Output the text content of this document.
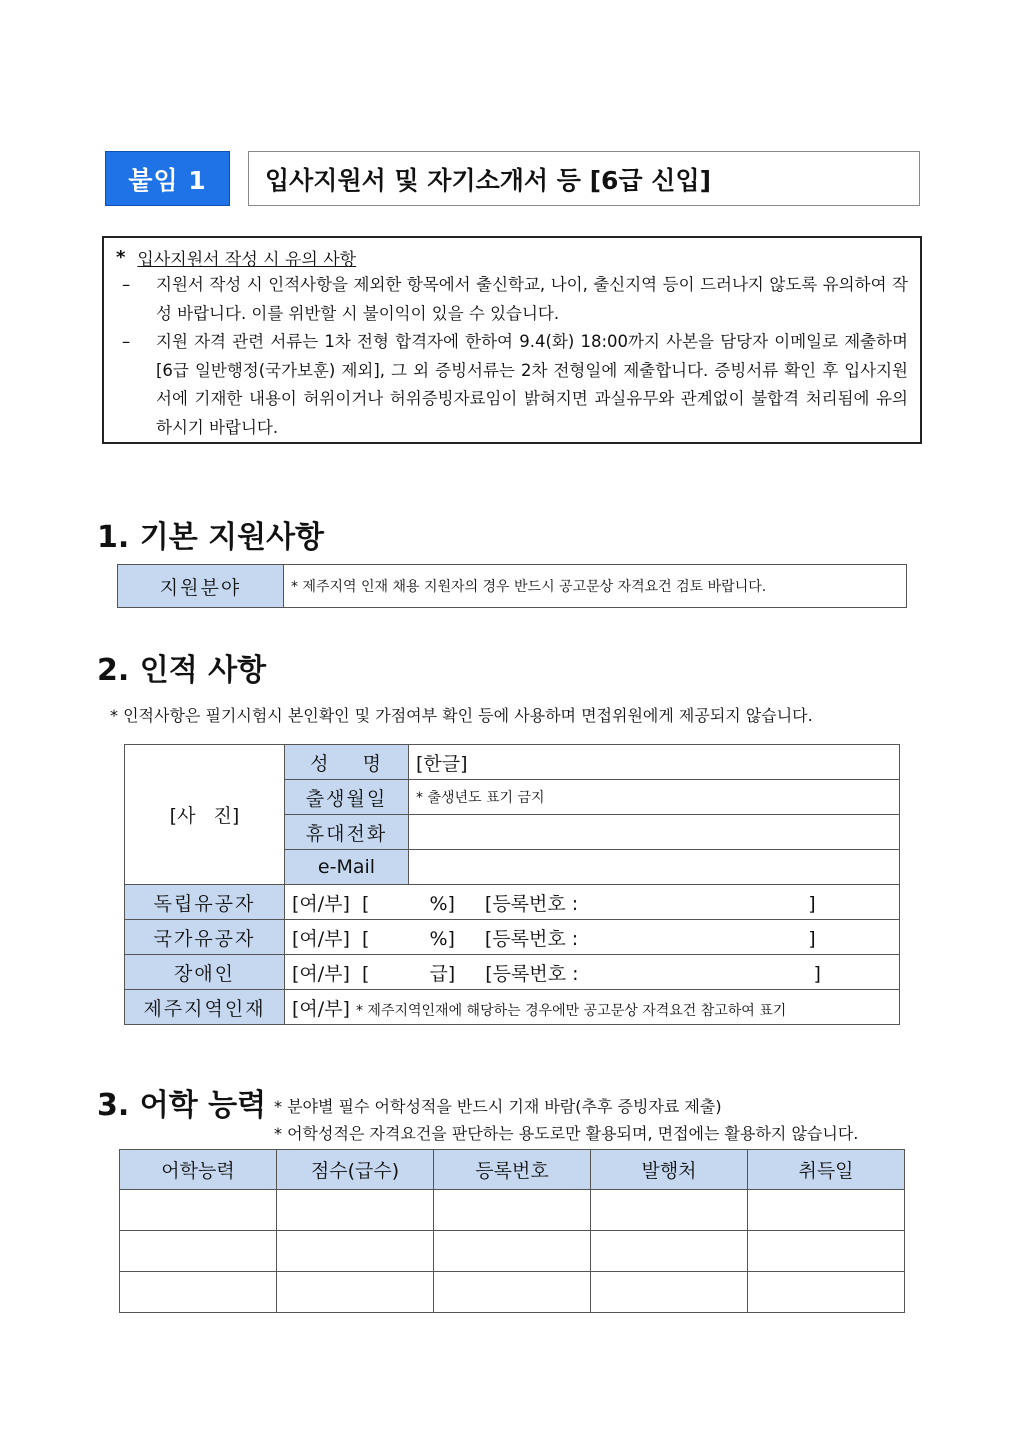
붙임 1	입사지원서 및 자기소개서 등 [6급 신입]
* 입사지원서 작성 시 유의 사항
–	지원서 작성 시 인적사항을 제외한 항목에서 출신학교, 나이, 출신지역 등이 드러나지 않도록 유의하여 작성 바랍니다. 이를 위반할 시 불이익이 있을 수 있습니다.
–	지원 자격 관련 서류는 1차 전형 합격자에 한하여 9.4(화) 18:00까지 사본을 담당자 이메일로 제출하며[6급 일반행정(국가보훈) 제외], 그 외 증빙서류는 2차 전형일에 제출합니다. 증빙서류 확인 후 입사지원서에 기재한 내용이 허위이거나 허위증빙자료임이 밝혀지면 과실유무와 관계없이 불합격 처리됨에 유의하시기 바랍니다.
1. 기본 지원사항
지원분야	* 제주지역 인재 채용 지원자의 경우 반드시 공고문상 자격요건 검토 바랍니다.
2. 인적 사항
* 인적사항은 필기시험시 본인확인 및 가점여부 확인 등에 사용하며 면접위원에게 제공되지 않습니다.
[사   진]	성    명	[한글]
	출생월일	* 출생년도 표기 금지
	휴대전화	
	e-Mail	
독립유공자	[여/부]  [ %] [등록번호 : ]	
국가유공자	[여/부]  [ %] [등록번호 : ]	
장애인	[여/부]  [ 급] [등록번호 : ]	
제주지역인재	[여/부] * 제주지역인재에 해당하는 경우에만 공고문상 자격요건 참고하여 표기	
3. 어학 능력 * 분야별 필수 어학성적을 반드시 기재 바람(추후 증빙자료 제출)
* 어학성적은 자격요건을 판단하는 용도로만 활용되며, 면접에는 활용하지 않습니다.
어학능력	점수(급수)	등록번호	발행처	취득일
